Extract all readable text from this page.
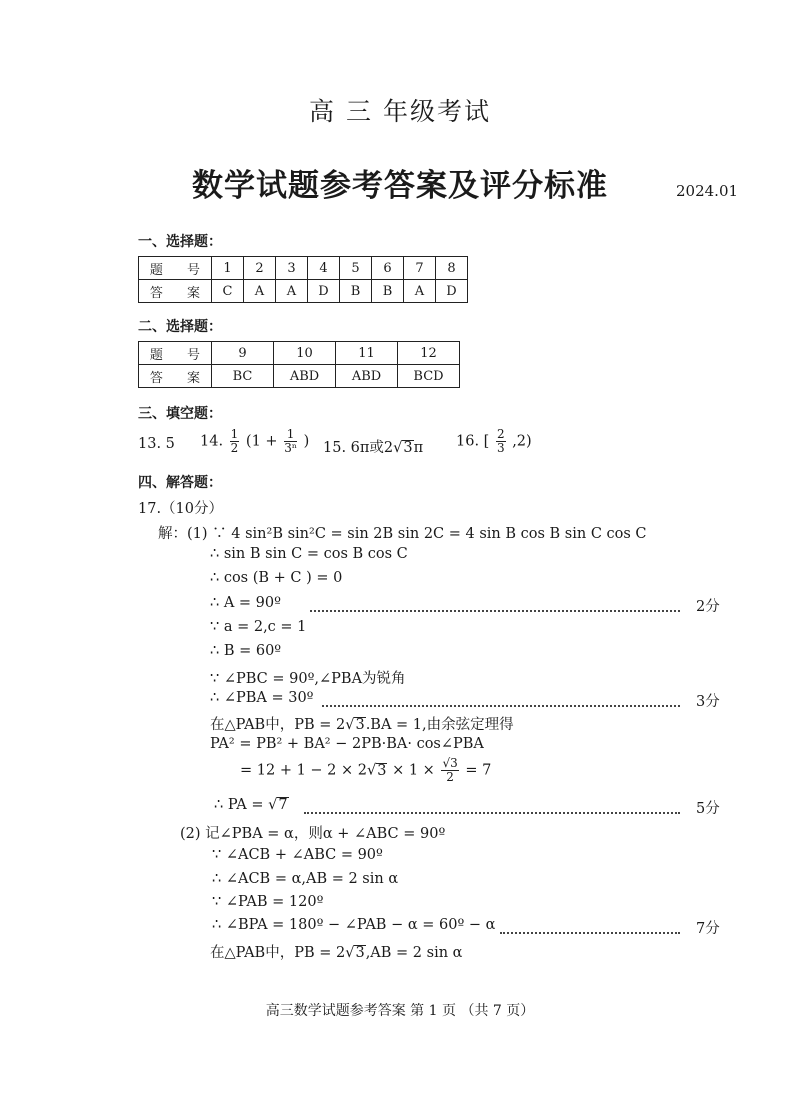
高 三 年级考试
数学试题参考答案及评分标准	2024.01
一、选择题：
题 号	1	2	3	4	5	6	7	8
答 案	C	A	A	D	B	B	A	D
二、选择题：
题 号	9	10	11	12
答 案	BC	ABD	ABD	BCD
三、填空题：
13. 5 14. $\frac{1}{2} (1 + \frac{1}{\text{3ⁿ}}$ ) 15. 6π或2√3π 16. [ $\frac{2}{3} ,2$)
四、解答题：
17.（10分）
解：(1) ∵ 4 sin²B sin²C = sin 2B sin 2C = 4 sin B cos B sin C cos C
∴ sin B sin C = cos B cos C
∴ cos (B + C ) = 0
∴ A = 90º	2分
∵ a = 2,c = 1
∴ B = 60º
∵ ∠PBC = 90º,∠PBA为锐角
∴ ∠PBA = 30º	3分
在△PAB中，PB = 2√3.BA = 1,由余弦定理得
PA² = PB² + BA² − 2PB·BA· cos∠PBA
= $12 + 1 - 2 \times 2√3 \times 1 \times \frac{√3}{2} = 7$
∴ PA = √7	5分
(2) 记∠PBA = α，则α + ∠ABC = 90º
∵ ∠ACB + ∠ABC = 90º
∴ ∠ACB = α,AB = 2 sin α
∵ ∠PAB = 120º
∴ ∠BPA = 180º − ∠PAB − α = 60º − α	7分
在△PAB中，PB = 2√3,AB = 2 sin α
高三数学试题参考答案 第 1 页 （共 7 页）
